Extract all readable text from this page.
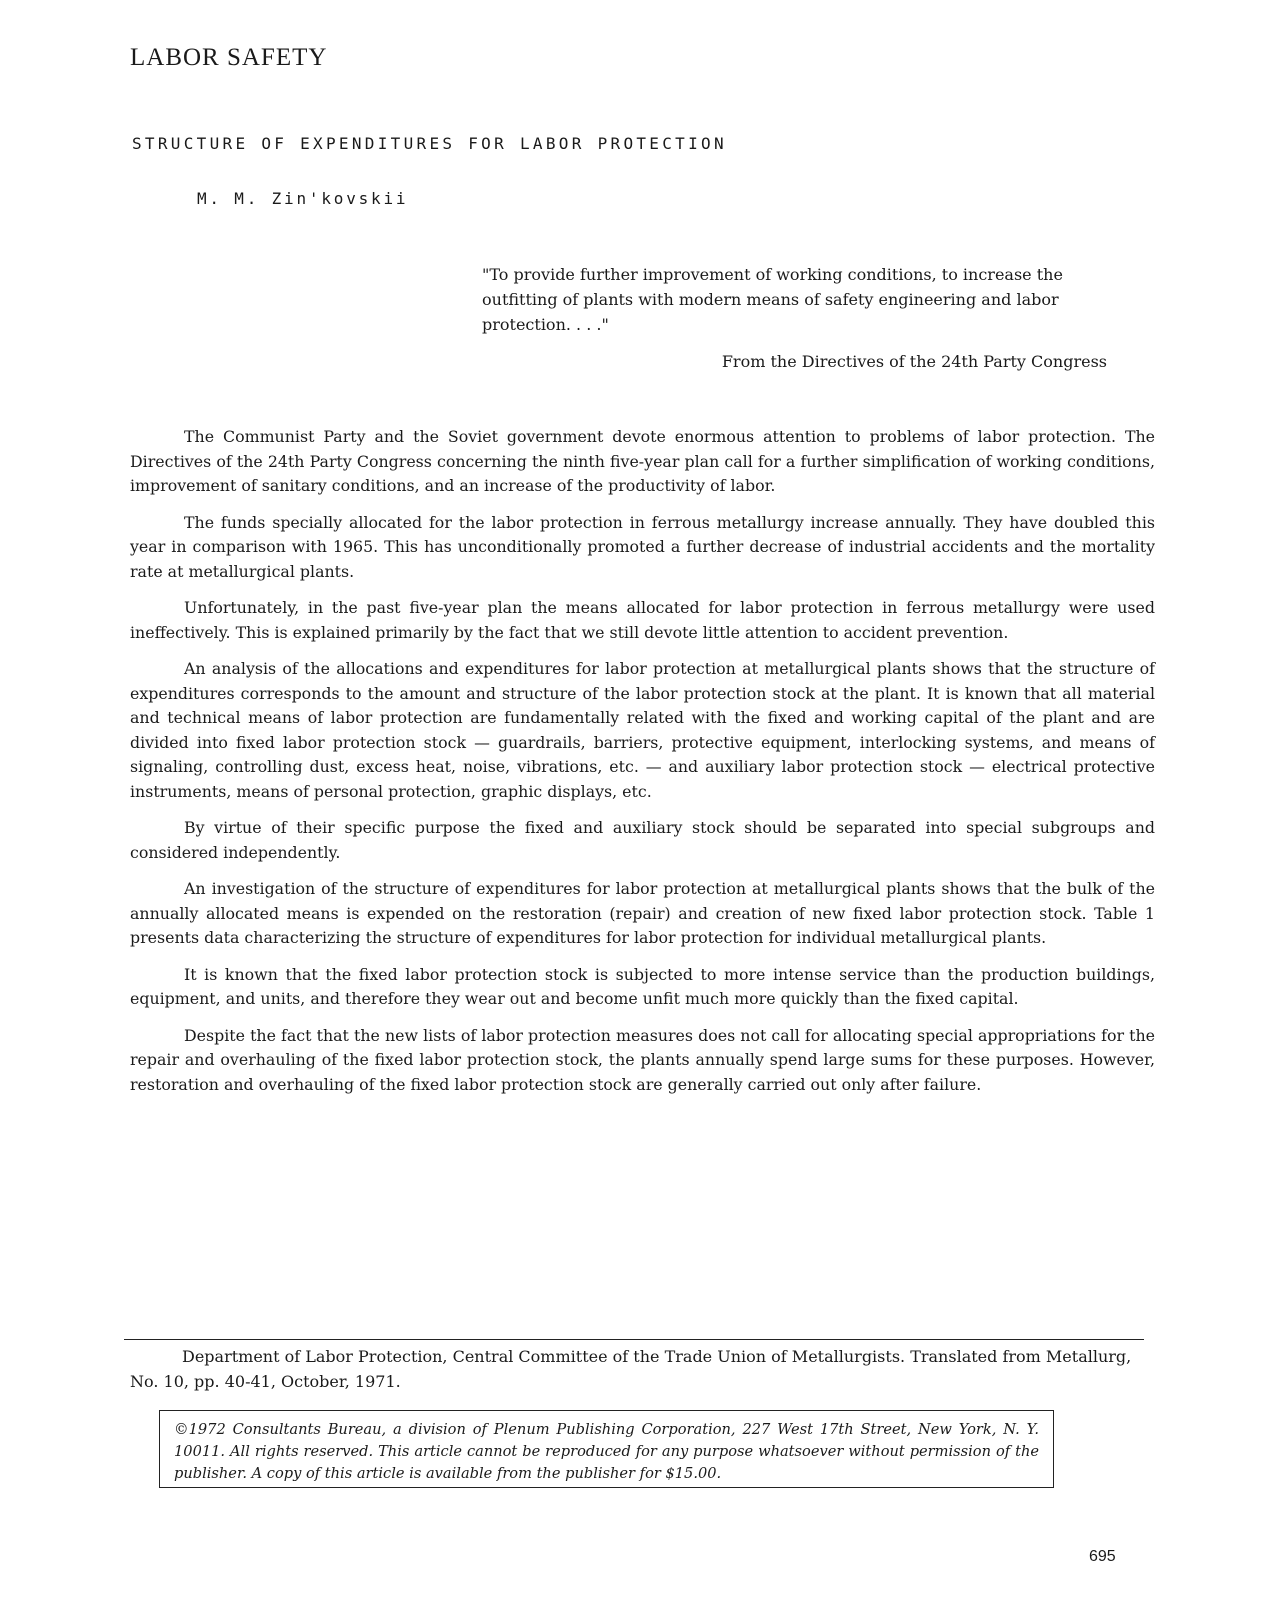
LABOR SAFETY
STRUCTURE OF EXPENDITURES FOR LABOR PROTECTION

M. M. Zin'kovskii

"To provide further improvement of working conditions, to increase the outfitting of plants with modern means of safety engineering and labor protection. . . ."

From the Directives of the 24th Party Congress

The Communist Party and the Soviet government devote enormous attention to problems of labor protection. The Directives of the 24th Party Congress concerning the ninth five-year plan call for a further simplification of working conditions, improvement of sanitary conditions, and an increase of the productivity of labor.

The funds specially allocated for the labor protection in ferrous metallurgy increase annually. They have doubled this year in comparison with 1965. This has unconditionally promoted a further decrease of industrial accidents and the mortality rate at metallurgical plants.

Unfortunately, in the past five-year plan the means allocated for labor protection in ferrous metallurgy were used ineffectively. This is explained primarily by the fact that we still devote little attention to accident prevention.

An analysis of the allocations and expenditures for labor protection at metallurgical plants shows that the structure of expenditures corresponds to the amount and structure of the labor protection stock at the plant. It is known that all material and technical means of labor protection are fundamentally related with the fixed and working capital of the plant and are divided into fixed labor protection stock — guardrails, barriers, protective equipment, interlocking systems, and means of signaling, controlling dust, excess heat, noise, vibrations, etc. — and auxiliary labor protection stock — electrical protective instruments, means of personal protection, graphic displays, etc.

By virtue of their specific purpose the fixed and auxiliary stock should be separated into special subgroups and considered independently.

An investigation of the structure of expenditures for labor protection at metallurgical plants shows that the bulk of the annually allocated means is expended on the restoration (repair) and creation of new fixed labor protection stock. Table 1 presents data characterizing the structure of expenditures for labor protection for individual metallurgical plants.

It is known that the fixed labor protection stock is subjected to more intense service than the production buildings, equipment, and units, and therefore they wear out and become unfit much more quickly than the fixed capital.

Despite the fact that the new lists of labor protection measures does not call for allocating special appropriations for the repair and overhauling of the fixed labor protection stock, the plants annually spend large sums for these purposes. However, restoration and overhauling of the fixed labor protection stock are generally carried out only after failure.

Department of Labor Protection, Central Committee of the Trade Union of Metallurgists. Translated from Metallurg, No. 10, pp. 40-41, October, 1971.

©1972 Consultants Bureau, a division of Plenum Publishing Corporation, 227 West 17th Street, New York, N. Y. 10011. All rights reserved. This article cannot be reproduced for any purpose whatsoever without permission of the publisher. A copy of this article is available from the publisher for $15.00.

695
